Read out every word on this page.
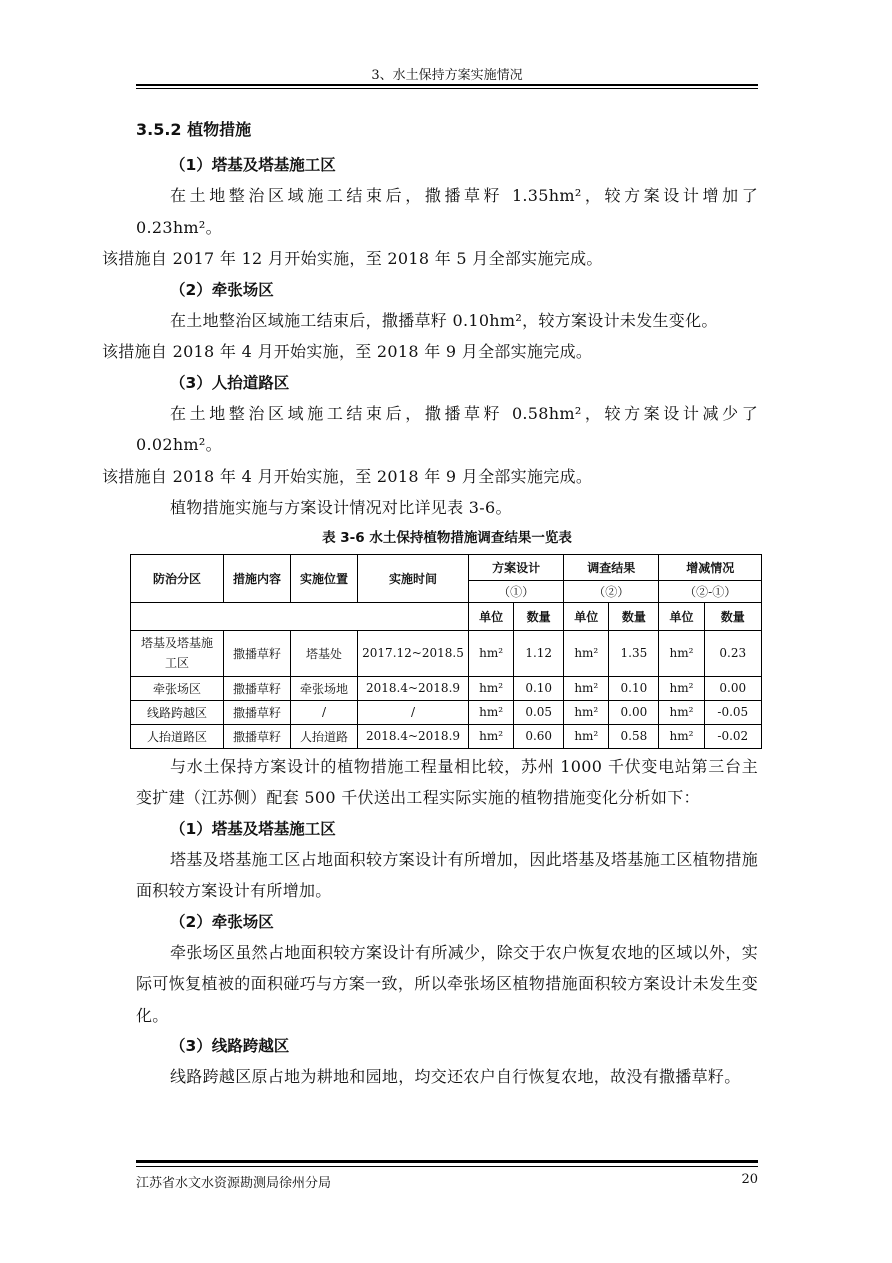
3、水土保持方案实施情况
3.5.2 植物措施
（1）塔基及塔基施工区

在土地整治区域施工结束后，撒播草籽 1.35hm²，较方案设计增加了 0.23hm²。
该措施自 2017 年 12 月开始实施，至 2018 年 5 月全部实施完成。

（2）牵张场区

在土地整治区域施工结束后，撒播草籽 0.10hm²，较方案设计未发生变化。
该措施自 2018 年 4 月开始实施，至 2018 年 9 月全部实施完成。

（3）人抬道路区

在土地整治区域施工结束后，撒播草籽 0.58hm²，较方案设计减少了 0.02hm²。
该措施自 2018 年 4 月开始实施，至 2018 年 9 月全部实施完成。

植物措施实施与方案设计情况对比详见表 3-6。

表 3-6 水土保持植物措施调查结果一览表
防治分区	措施内容	实施位置	实施时间	方案设计		调查结果		增减情况	
				（①）		（②）		（②-①）	
				单位	数量	单位	数量	单位	数量
塔基及塔基施工区	撒播草籽	塔基处	2017.12~2018.5	hm²	1.12	hm²	1.35	hm²	0.23
牵张场区	撒播草籽	牵张场地	2018.4~2018.9	hm²	0.10	hm²	0.10	hm²	0.00
线路跨越区	撒播草籽	/	/	hm²	0.05	hm²	0.00	hm²	-0.05
人抬道路区	撒播草籽	人抬道路	2018.4~2018.9	hm²	0.60	hm²	0.58	hm²	-0.02

与水土保持方案设计的植物措施工程量相比较，苏州 1000 千伏变电站第三台主变扩建（江苏侧）配套 500 千伏送出工程实际实施的植物措施变化分析如下：

（1）塔基及塔基施工区

塔基及塔基施工区占地面积较方案设计有所增加，因此塔基及塔基施工区植物措施面积较方案设计有所增加。

（2）牵张场区

牵张场区虽然占地面积较方案设计有所减少，除交于农户恢复农地的区域以外，实际可恢复植被的面积碰巧与方案一致，所以牵张场区植物措施面积较方案设计未发生变化。

（3）线路跨越区

线路跨越区原占地为耕地和园地，均交还农户自行恢复农地，故没有撒播草籽。

江苏省水文水资源勘测局徐州分局	20
